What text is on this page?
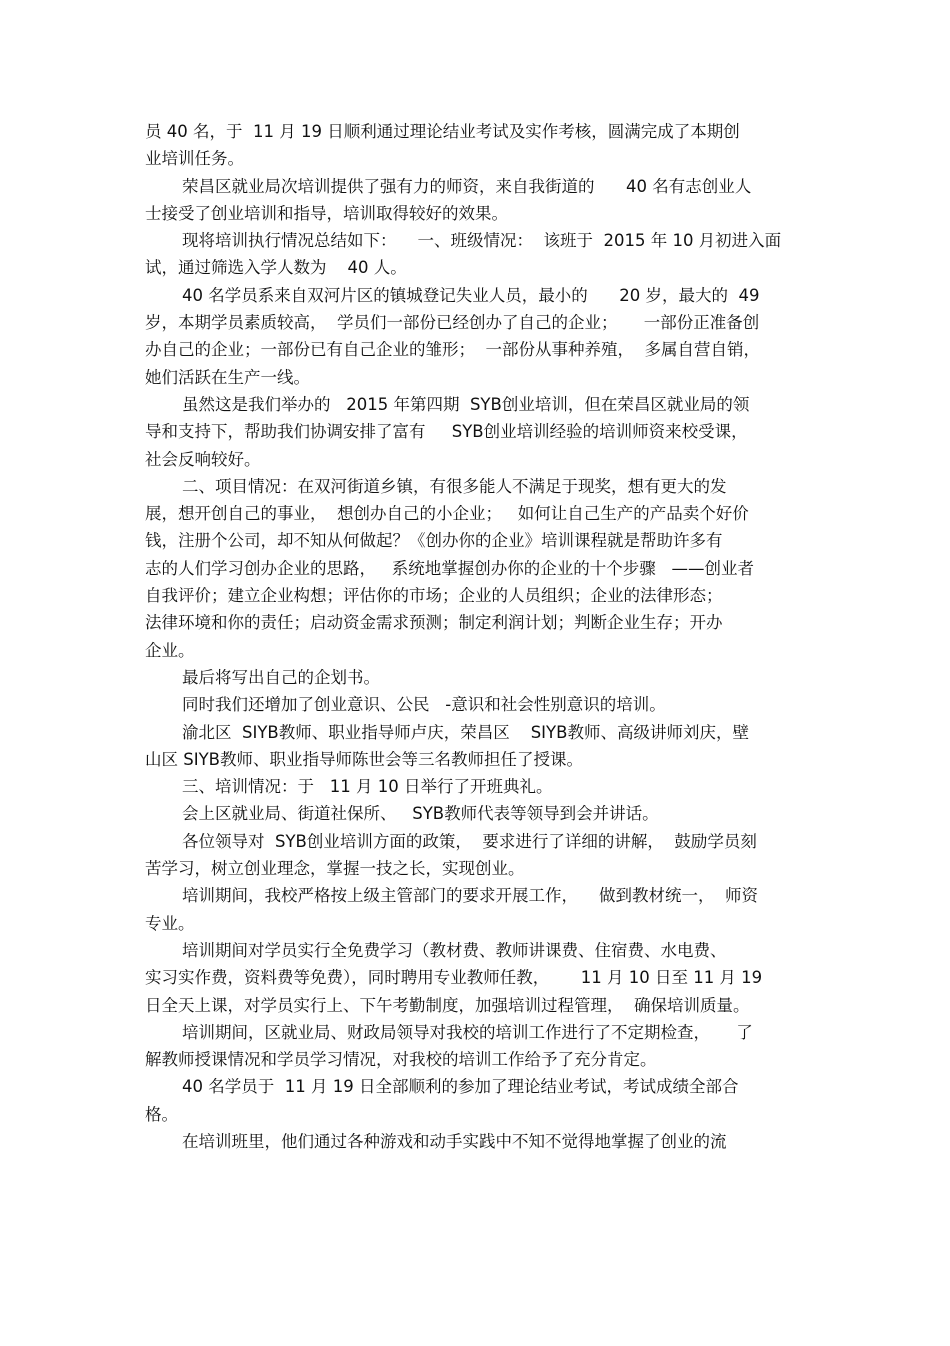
员 40 名，于  11 月 19 日顺利通过理论结业考试及实作考核，圆满完成了本期创
业培训任务。
荣昌区就业局次培训提供了强有力的师资，来自我街道的      40 名有志创业人
士接受了创业培训和指导，培训取得较好的效果。
现将培训执行情况总结如下：    一、班级情况：  该班于  2015 年 10 月初进入面
试，通过筛选入学人数为    40 人。
40 名学员系来自双河片区的镇城登记失业人员，最小的      20 岁，最大的  49
岁，本期学员素质较高，  学员们一部份已经创办了自己的企业；     一部份正准备创
办自己的企业；一部份已有自己企业的雏形；  一部份从事种养殖，  多属自营自销，
她们活跃在生产一线。
虽然这是我们举办的   2015 年第四期  SYB创业培训，但在荣昌区就业局的领
导和支持下，帮助我们协调安排了富有     SYB创业培训经验的培训师资来校受课，
社会反响较好。
二、项目情况：在双河街道乡镇，有很多能人不满足于现奖，想有更大的发
展，想开创自己的事业，  想创办自己的小企业；   如何让自己生产的产品卖个好价
钱，注册个公司，却不知从何做起？《创办你的企业》培训课程就是帮助许多有
志的人们学习创办企业的思路，   系统地掌握创办你的企业的十个步骤   ——创业者
自我评价；建立企业构想；评估你的市场；企业的人员组织；企业的法律形态；
法律环境和你的责任；启动资金需求预测；制定利润计划；判断企业生存；开办
企业。
最后将写出自己的企划书。
同时我们还增加了创业意识、公民   -意识和社会性别意识的培训。
渝北区  SIYB教师、职业指导师卢庆，荣昌区    SIYB教师、高级讲师刘庆，壁
山区 SIYB教师、职业指导师陈世会等三名教师担任了授课。
三、培训情况：于   11 月 10 日举行了开班典礼。
会上区就业局、街道社保所、   SYB教师代表等领导到会并讲话。
各位领导对  SYB创业培训方面的政策，  要求进行了详细的讲解，  鼓励学员刻
苦学习，树立创业理念，掌握一技之长，实现创业。
培训期间，我校严格按上级主管部门的要求开展工作，    做到教材统一，  师资
专业。
培训期间对学员实行全免费学习（教材费、教师讲课费、住宿费、水电费、
实习实作费，资料费等免费），同时聘用专业教师任教，      11 月 10 日至 11 月 19
日全天上课，对学员实行上、下午考勤制度，加强培训过程管理，  确保培训质量。
培训期间，区就业局、财政局领导对我校的培训工作进行了不定期检查，     了
解教师授课情况和学员学习情况，对我校的培训工作给予了充分肯定。
40 名学员于  11 月 19 日全部顺利的参加了理论结业考试，考试成绩全部合
格。
在培训班里，他们通过各种游戏和动手实践中不知不觉得地掌握了创业的流
